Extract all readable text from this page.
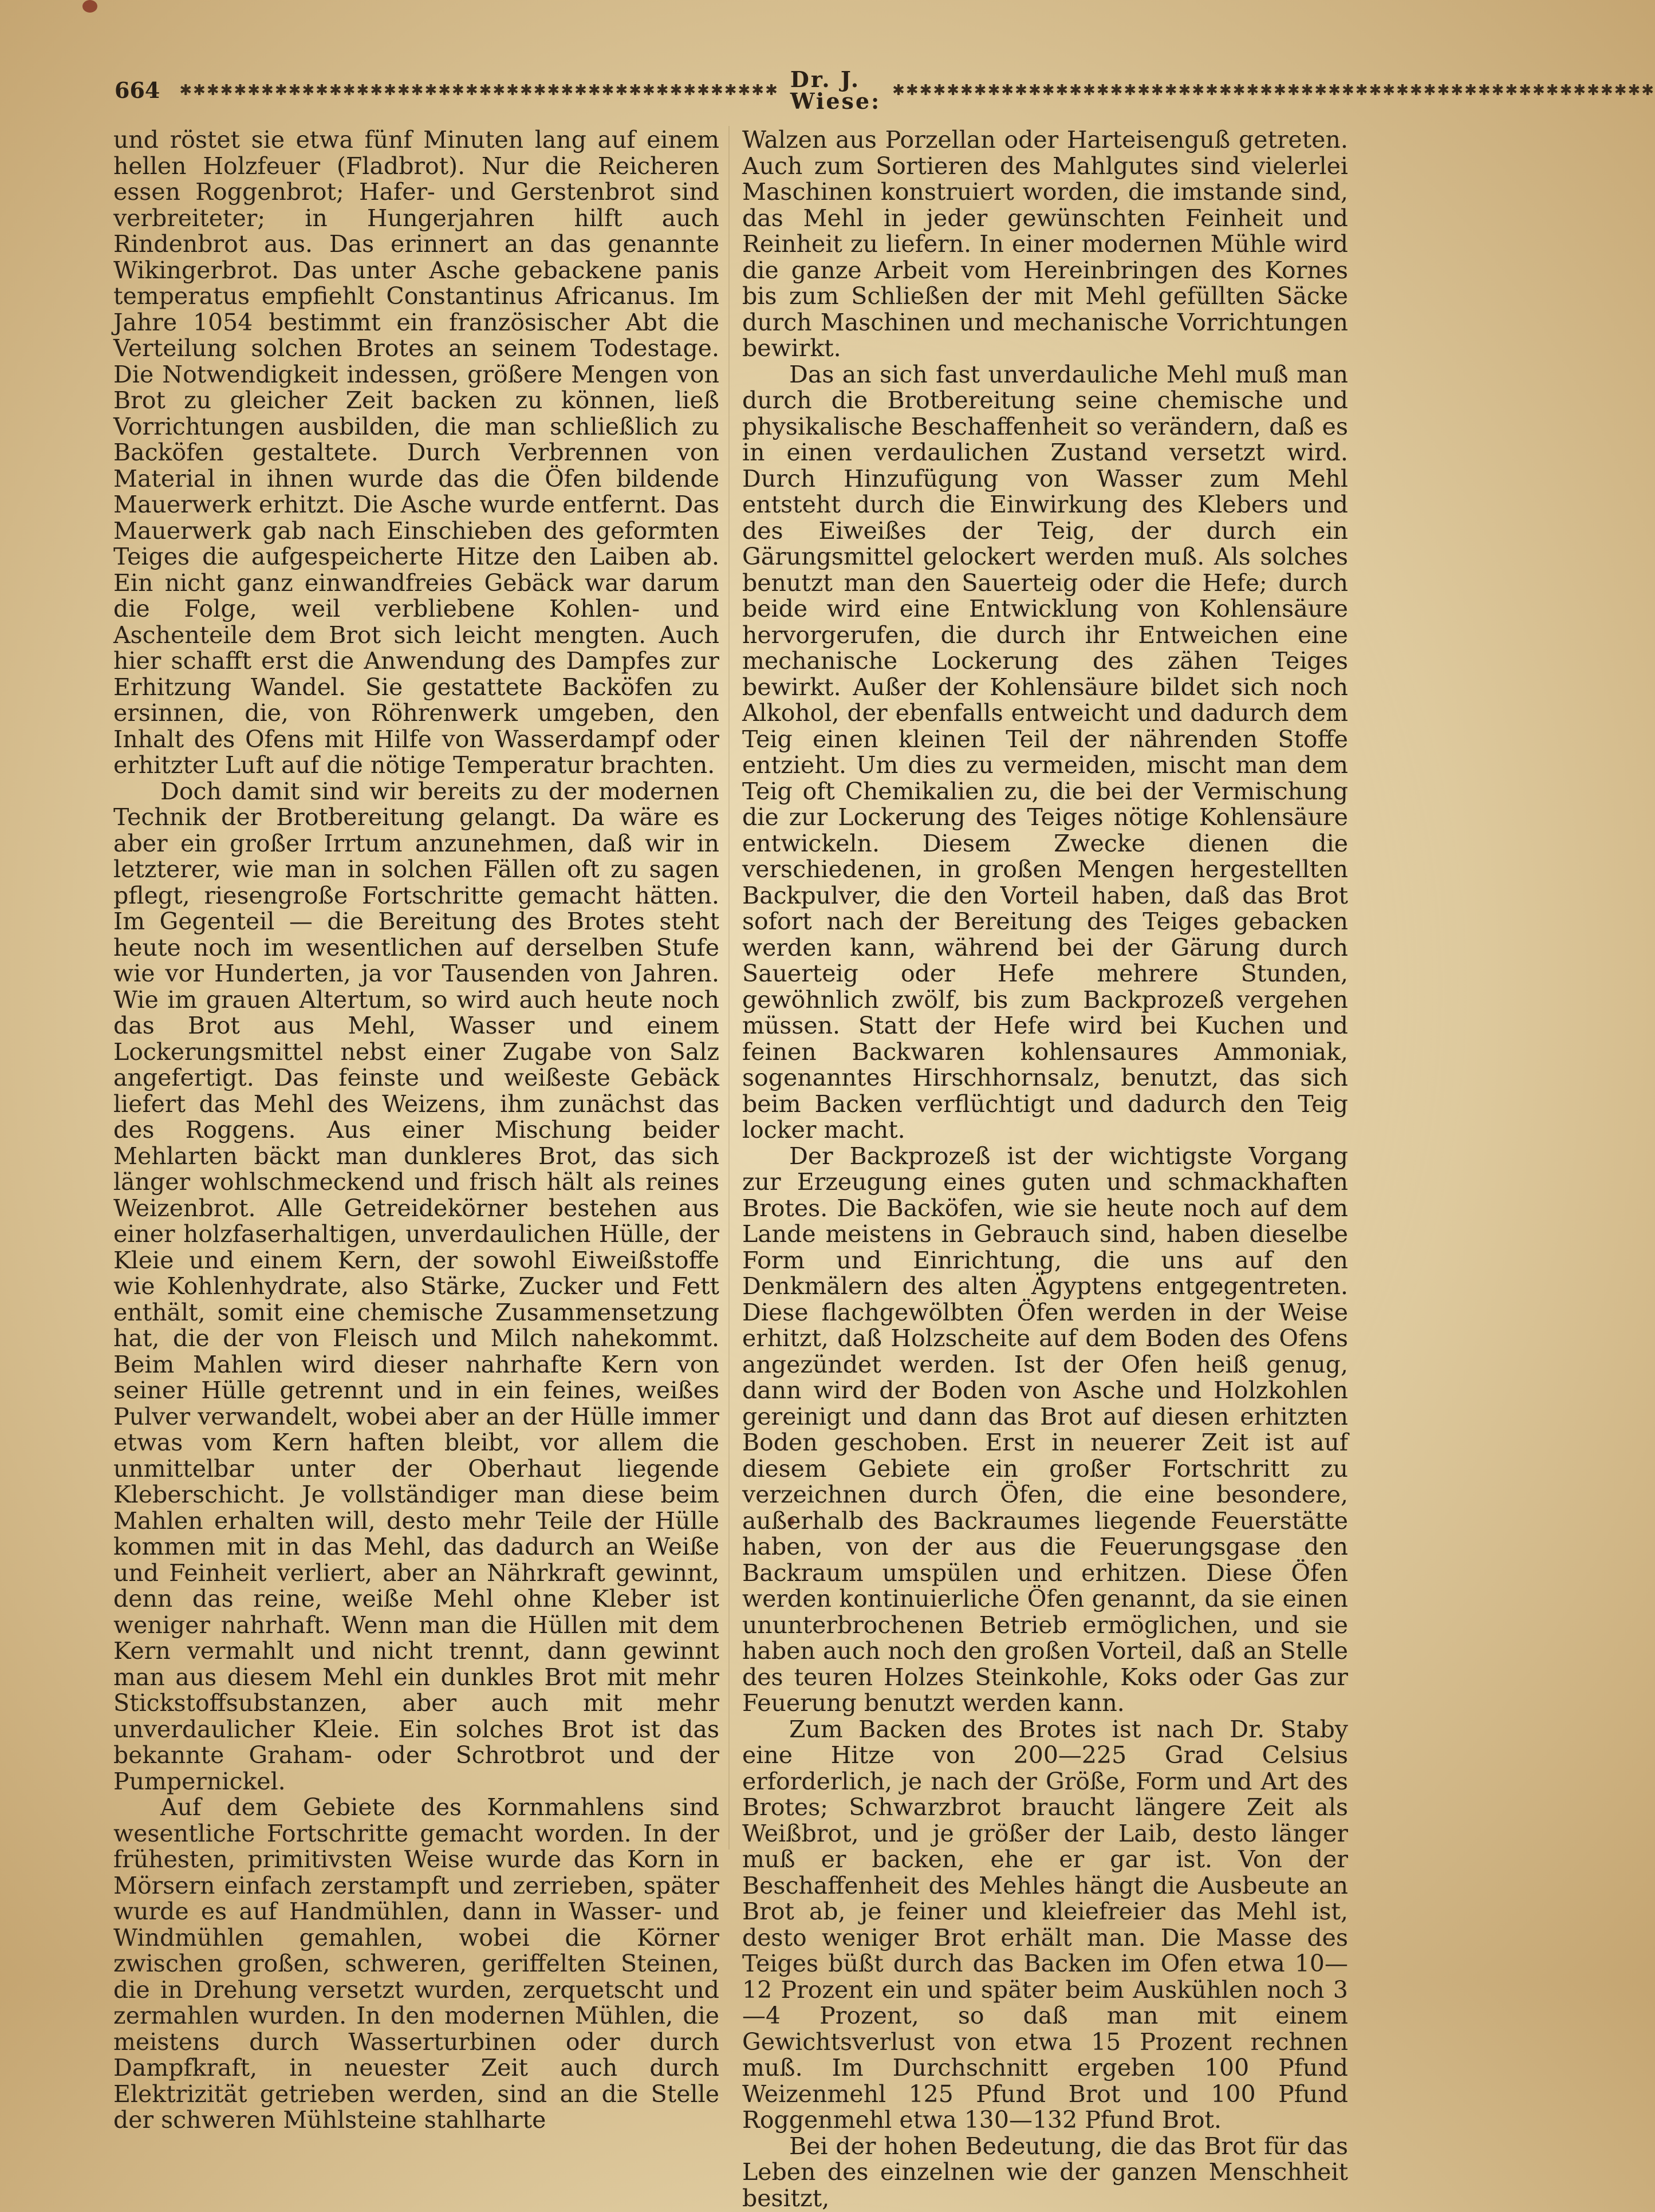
664 ✱✱✱✱✱✱✱✱✱✱✱✱✱✱✱✱✱✱✱✱✱✱✱✱✱✱✱✱✱✱✱✱✱✱✱✱✱✱✱✱✱✱✱✱ Dr. J. Wiese: ✱✱✱✱✱✱✱✱✱✱✱✱✱✱✱✱✱✱✱✱✱✱✱✱✱✱✱✱✱✱✱✱✱✱✱✱✱✱✱✱✱✱✱✱✱✱✱✱✱✱✱✱✱✱✱✱

und röstet sie etwa fünf Minuten lang auf einem hellen Holzfeuer (Fladbrot). Nur die Reicheren essen Roggenbrot; Hafer- und Gerstenbrot sind verbreiteter; in Hungerjahren hilft auch Rindenbrot aus. Das erinnert an das genannte Wikingerbrot. Das unter Asche gebackene panis temperatus empfiehlt Constantinus Africanus. Im Jahre 1054 bestimmt ein französischer Abt die Verteilung solchen Brotes an seinem Todestage. Die Notwendigkeit indessen, größere Mengen von Brot zu gleicher Zeit backen zu können, ließ Vorrichtungen ausbilden, die man schließlich zu Backöfen gestaltete. Durch Verbrennen von Material in ihnen wurde das die Öfen bildende Mauerwerk erhitzt. Die Asche wurde entfernt. Das Mauerwerk gab nach Einschieben des geformten Teiges die aufgespeicherte Hitze den Laiben ab. Ein nicht ganz einwandfreies Gebäck war darum die Folge, weil verbliebene Kohlen- und Aschenteile dem Brot sich leicht mengten. Auch hier schafft erst die Anwendung des Dampfes zur Erhitzung Wandel. Sie gestattete Backöfen zu ersinnen, die, von Röhrenwerk umgeben, den Inhalt des Ofens mit Hilfe von Wasserdampf oder erhitzter Luft auf die nötige Temperatur brachten.

Doch damit sind wir bereits zu der modernen Technik der Brotbereitung gelangt. Da wäre es aber ein großer Irrtum anzunehmen, daß wir in letzterer, wie man in solchen Fällen oft zu sagen pflegt, riesengroße Fortschritte gemacht hätten. Im Gegenteil — die Bereitung des Brotes steht heute noch im wesentlichen auf derselben Stufe wie vor Hunderten, ja vor Tausenden von Jahren. Wie im grauen Altertum, so wird auch heute noch das Brot aus Mehl, Wasser und einem Lockerungsmittel nebst einer Zugabe von Salz angefertigt. Das feinste und weißeste Gebäck liefert das Mehl des Weizens, ihm zunächst das des Roggens. Aus einer Mischung beider Mehlarten bäckt man dunkleres Brot, das sich länger wohlschmeckend und frisch hält als reines Weizenbrot. Alle Getreidekörner bestehen aus einer holzfaserhaltigen, unverdaulichen Hülle, der Kleie und einem Kern, der sowohl Eiweißstoffe wie Kohlenhydrate, also Stärke, Zucker und Fett enthält, somit eine chemische Zusammensetzung hat, die der von Fleisch und Milch nahekommt. Beim Mahlen wird dieser nahrhafte Kern von seiner Hülle getrennt und in ein feines, weißes Pulver verwandelt, wobei aber an der Hülle immer etwas vom Kern haften bleibt, vor allem die unmittelbar unter der Oberhaut liegende Kleberschicht. Je vollständiger man diese beim Mahlen erhalten will, desto mehr Teile der Hülle kommen mit in das Mehl, das dadurch an Weiße und Feinheit verliert, aber an Nährkraft gewinnt, denn das reine, weiße Mehl ohne Kleber ist weniger nahrhaft. Wenn man die Hüllen mit dem Kern vermahlt und nicht trennt, dann gewinnt man aus diesem Mehl ein dunkles Brot mit mehr Stickstoffsubstanzen, aber auch mit mehr unverdaulicher Kleie. Ein solches Brot ist das bekannte Graham- oder Schrotbrot und der Pumpernickel.

Auf dem Gebiete des Kornmahlens sind wesentliche Fortschritte gemacht worden. In der frühesten, primitivsten Weise wurde das Korn in Mörsern einfach zerstampft und zerrieben, später wurde es auf Handmühlen, dann in Wasser- und Windmühlen gemahlen, wobei die Körner zwischen großen, schweren, geriffelten Steinen, die in Drehung versetzt wurden, zerquetscht und zermahlen wurden. In den modernen Mühlen, die meistens durch Wasserturbinen oder durch Dampfkraft, in neuester Zeit auch durch Elektrizität getrieben werden, sind an die Stelle der schweren Mühlsteine stahlharte

Walzen aus Porzellan oder Harteisenguß getreten. Auch zum Sortieren des Mahlgutes sind vielerlei Maschinen konstruiert worden, die imstande sind, das Mehl in jeder gewünschten Feinheit und Reinheit zu liefern. In einer modernen Mühle wird die ganze Arbeit vom Hereinbringen des Kornes bis zum Schließen der mit Mehl gefüllten Säcke durch Maschinen und mechanische Vorrichtungen bewirkt.

Das an sich fast unverdauliche Mehl muß man durch die Brotbereitung seine chemische und physikalische Beschaffenheit so verändern, daß es in einen verdaulichen Zustand versetzt wird. Durch Hinzufügung von Wasser zum Mehl entsteht durch die Einwirkung des Klebers und des Eiweißes der Teig, der durch ein Gärungsmittel gelockert werden muß. Als solches benutzt man den Sauerteig oder die Hefe; durch beide wird eine Entwicklung von Kohlensäure hervorgerufen, die durch ihr Entweichen eine mechanische Lockerung des zähen Teiges bewirkt. Außer der Kohlensäure bildet sich noch Alkohol, der ebenfalls entweicht und dadurch dem Teig einen kleinen Teil der nährenden Stoffe entzieht. Um dies zu vermeiden, mischt man dem Teig oft Chemikalien zu, die bei der Vermischung die zur Lockerung des Teiges nötige Kohlensäure entwickeln. Diesem Zwecke dienen die verschiedenen, in großen Mengen hergestellten Backpulver, die den Vorteil haben, daß das Brot sofort nach der Bereitung des Teiges gebacken werden kann, während bei der Gärung durch Sauerteig oder Hefe mehrere Stunden, gewöhnlich zwölf, bis zum Backprozeß vergehen müssen. Statt der Hefe wird bei Kuchen und feinen Backwaren kohlensaures Ammoniak, sogenanntes Hirschhornsalz, benutzt, das sich beim Backen verflüchtigt und dadurch den Teig locker macht.

Der Backprozeß ist der wichtigste Vorgang zur Erzeugung eines guten und schmackhaften Brotes. Die Backöfen, wie sie heute noch auf dem Lande meistens in Gebrauch sind, haben dieselbe Form und Einrichtung, die uns auf den Denkmälern des alten Ägyptens entgegentreten. Diese flachgewölbten Öfen werden in der Weise erhitzt, daß Holzscheite auf dem Boden des Ofens angezündet werden. Ist der Ofen heiß genug, dann wird der Boden von Asche und Holzkohlen gereinigt und dann das Brot auf diesen erhitzten Boden geschoben. Erst in neuerer Zeit ist auf diesem Gebiete ein großer Fortschritt zu verzeichnen durch Öfen, die eine besondere, außerhalb des Backraumes liegende Feuerstätte haben, von der aus die Feuerungsgase den Backraum umspülen und erhitzen. Diese Öfen werden kontinuierliche Öfen genannt, da sie einen ununterbrochenen Betrieb ermöglichen, und sie haben auch noch den großen Vorteil, daß an Stelle des teuren Holzes Steinkohle, Koks oder Gas zur Feuerung benutzt werden kann.

Zum Backen des Brotes ist nach Dr. Staby eine Hitze von 200—225 Grad Celsius erforderlich, je nach der Größe, Form und Art des Brotes; Schwarzbrot braucht längere Zeit als Weißbrot, und je größer der Laib, desto länger muß er backen, ehe er gar ist. Von der Beschaffenheit des Mehles hängt die Ausbeute an Brot ab, je feiner und kleiefreier das Mehl ist, desto weniger Brot erhält man. Die Masse des Teiges büßt durch das Backen im Ofen etwa 10—12 Prozent ein und später beim Auskühlen noch 3—4 Prozent, so daß man mit einem Gewichtsverlust von etwa 15 Prozent rechnen muß. Im Durchschnitt ergeben 100 Pfund Weizenmehl 125 Pfund Brot und 100 Pfund Roggenmehl etwa 130—132 Pfund Brot.

Bei der hohen Bedeutung, die das Brot für das Leben des einzelnen wie der ganzen Menschheit besitzt,
